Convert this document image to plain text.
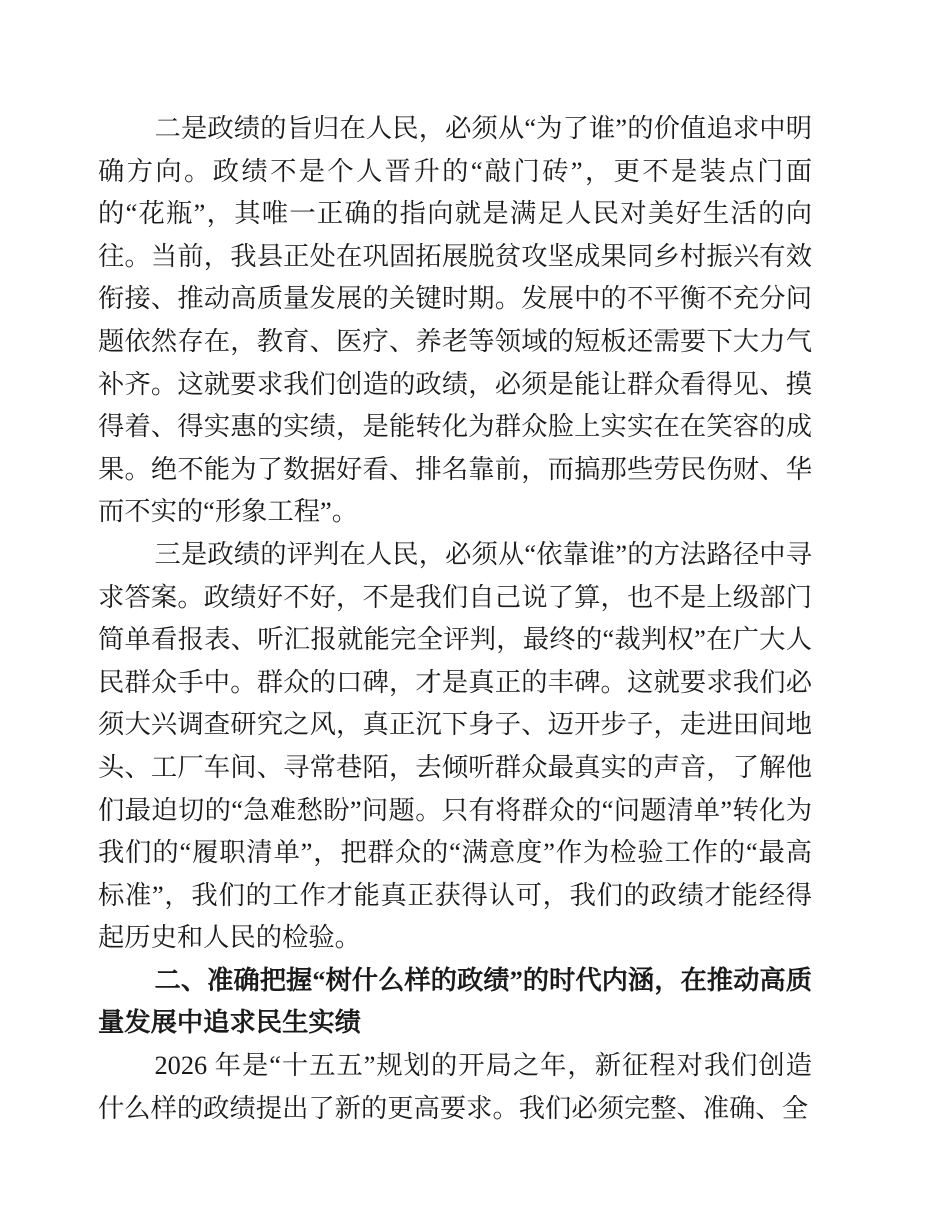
二是政绩的旨归在人民，必须从“为了谁”的价值追求中明确方向。政绩不是个人晋升的“敲门砖”，更不是装点门面的“花瓶”，其唯一正确的指向就是满足人民对美好生活的向往。当前，我县正处在巩固拓展脱贫攻坚成果同乡村振兴有效衔接、推动高质量发展的关键时期。发展中的不平衡不充分问题依然存在，教育、医疗、养老等领域的短板还需要下大力气补齐。这就要求我们创造的政绩，必须是能让群众看得见、摸得着、得实惠的实绩，是能转化为群众脸上实实在在笑容的成果。绝不能为了数据好看、排名靠前，而搞那些劳民伤财、华而不实的“形象工程”。

三是政绩的评判在人民，必须从“依靠谁”的方法路径中寻求答案。政绩好不好，不是我们自己说了算，也不是上级部门简单看报表、听汇报就能完全评判，最终的“裁判权”在广大人民群众手中。群众的口碑，才是真正的丰碑。这就要求我们必须大兴调查研究之风，真正沉下身子、迈开步子，走进田间地头、工厂车间、寻常巷陌，去倾听群众最真实的声音，了解他们最迫切的“急难愁盼”问题。只有将群众的“问题清单”转化为我们的“履职清单”，把群众的“满意度”作为检验工作的“最高标准”，我们的工作才能真正获得认可，我们的政绩才能经得起历史和人民的检验。

二、准确把握“树什么样的政绩”的时代内涵，在推动高质量发展中追求民生实绩

2026 年是“十五五”规划的开局之年，新征程对我们创造什么样的政绩提出了新的更高要求。我们必须完整、准确、全
